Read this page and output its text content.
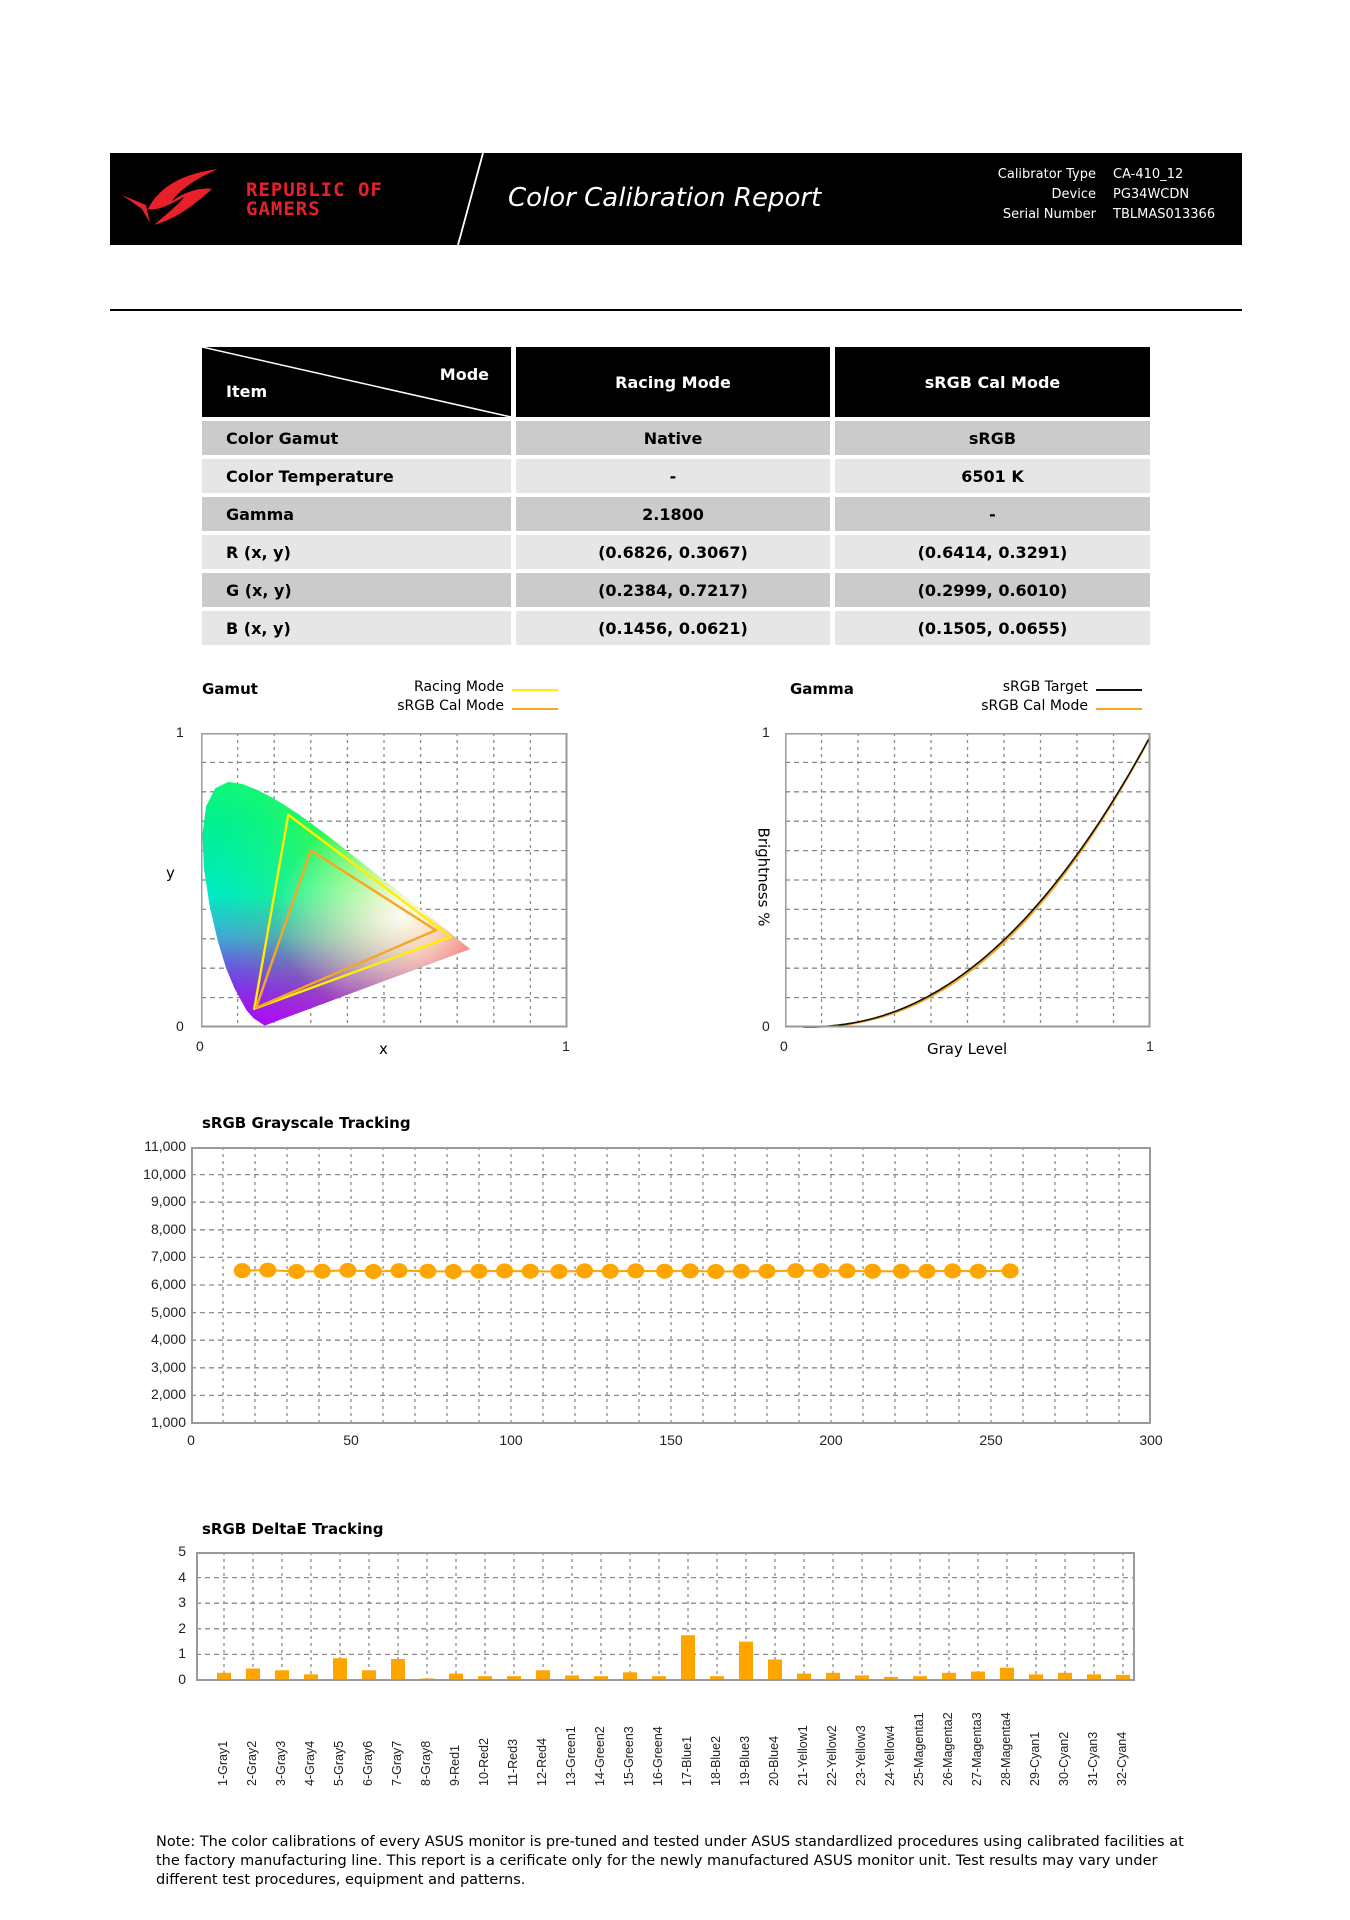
REPUBLIC OF
GAMERS	Color Calibration Report
Calibrator Type CA-410_12
Device PG34WCDN
Serial Number TBLMAS013366
Item
Mode	Racing Mode	sRGB Cal Mode
Color Gamut	Native	sRGB
Color Temperature	-	6501 K
Gamma	2.1800	-
R (x, y)	(0.6826, 0.3067)	(0.6414, 0.3291)
G (x, y)	(0.2384, 0.7217)	(0.2999, 0.6010)
B (x, y)	(0.1456, 0.0621)	(0.1505, 0.0655)
Gamut	Racing Mode
sRGB Cal Mode
1
0
0	1
y
x
Gamma	sRGB Target
sRGB Cal Mode
1
0
0	1
Gray Level
Brightness %
sRGB Grayscale Tracking
1,000
2,000
3,000
4,000
5,000
6,000
7,000
8,000
9,000
10,000
11,000
0	50	100	150	200	250	300
sRGB DeltaE Tracking
0
1
2
3
4
5
1-Gray1 2-Gray2 3-Gray3 4-Gray4 5-Gray5 6-Gray6 7-Gray7 8-Gray8 9-Red1 10-Red2 11-Red3 12-Red4 13-Green1 14-Green2 15-Green3 16-Green4 17-Blue1 18-Blue2 19-Blue3 20-Blue4 21-Yellow1 22-Yellow2 23-Yellow3 24-Yellow4 25-Magenta1 26-Magenta2 27-Magenta3 28-Magenta4 29-Cyan1 30-Cyan2 31-Cyan3 32-Cyan4
Note: The color calibrations of every ASUS monitor is pre-tuned and tested under ASUS standardlized procedures using calibrated facilities at the factory manufacturing line. This report is a cerificate only for the newly manufactured ASUS monitor unit. Test results may vary under different test procedures, equipment and patterns.
